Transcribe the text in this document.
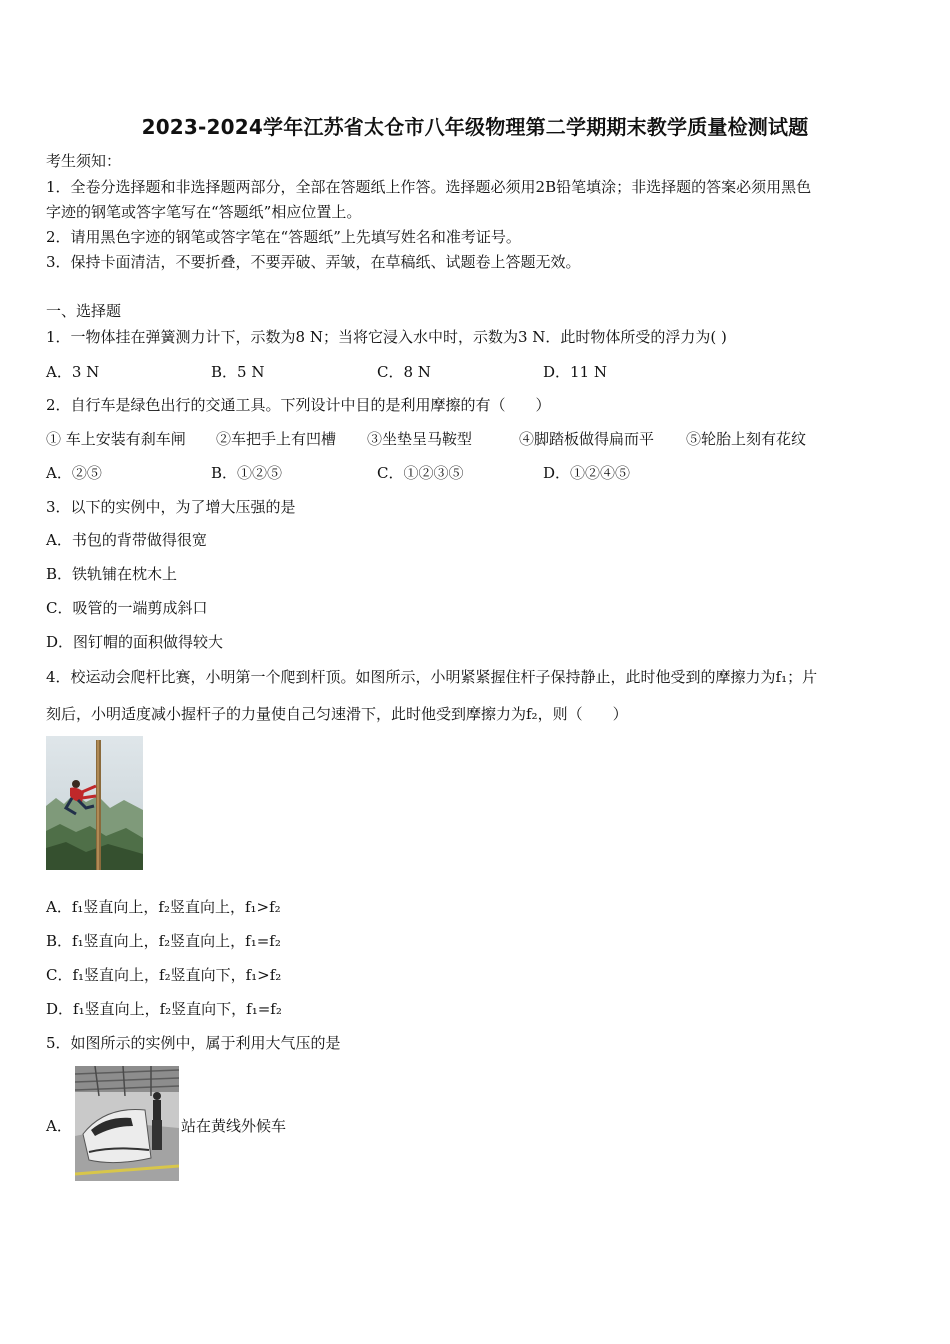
2023-2024学年江苏省太仓市八年级物理第二学期期末教学质量检测试题
考生须知：
1．全卷分选择题和非选择题两部分，全部在答题纸上作答。选择题必须用2B铅笔填涂；非选择题的答案必须用黑色
字迹的钢笔或答字笔写在“答题纸”相应位置上。
2．请用黑色字迹的钢笔或答字笔在“答题纸”上先填写姓名和准考证号。
3．保持卡面清洁，不要折叠，不要弄破、弄皱，在草稿纸、试题卷上答题无效。
一、选择题
1．一物体挂在弹簧测力计下，示数为8 N；当将它浸入水中时，示数为3 N．此时物体所受的浮力为( )
A．3 N	B．5 N	C．8 N	D．11 N
2．自行车是绿色出行的交通工具。下列设计中目的是利用摩擦的有（　　）
① 车上安装有刹车闸 ②车把手上有凹槽 ③坐垫呈马鞍型	④脚踏板做得扁而平 ⑤轮胎上刻有花纹
A．②⑤	B．①②⑤	C．①②③⑤	D．①②④⑤
3．以下的实例中，为了增大压强的是
A．书包的背带做得很宽
B．铁轨铺在枕木上
C．吸管的一端剪成斜口
D．图钉帽的面积做得较大
4．校运动会爬杆比赛，小明第一个爬到杆顶。如图所示，小明紧紧握住杆子保持静止，此时他受到的摩擦力为f₁；片
刻后，小明适度减小握杆子的力量使自己匀速滑下，此时他受到摩擦力为f₂，则（　　）
A．f₁竖直向上，f₂竖直向上，f₁>f₂
B．f₁竖直向上，f₂竖直向上，f₁=f₂
C．f₁竖直向上，f₂竖直向下，f₁>f₂
D．f₁竖直向上，f₂竖直向下，f₁=f₂
5．如图所示的实例中，属于利用大气压的是
A．	站在黄线外候车
